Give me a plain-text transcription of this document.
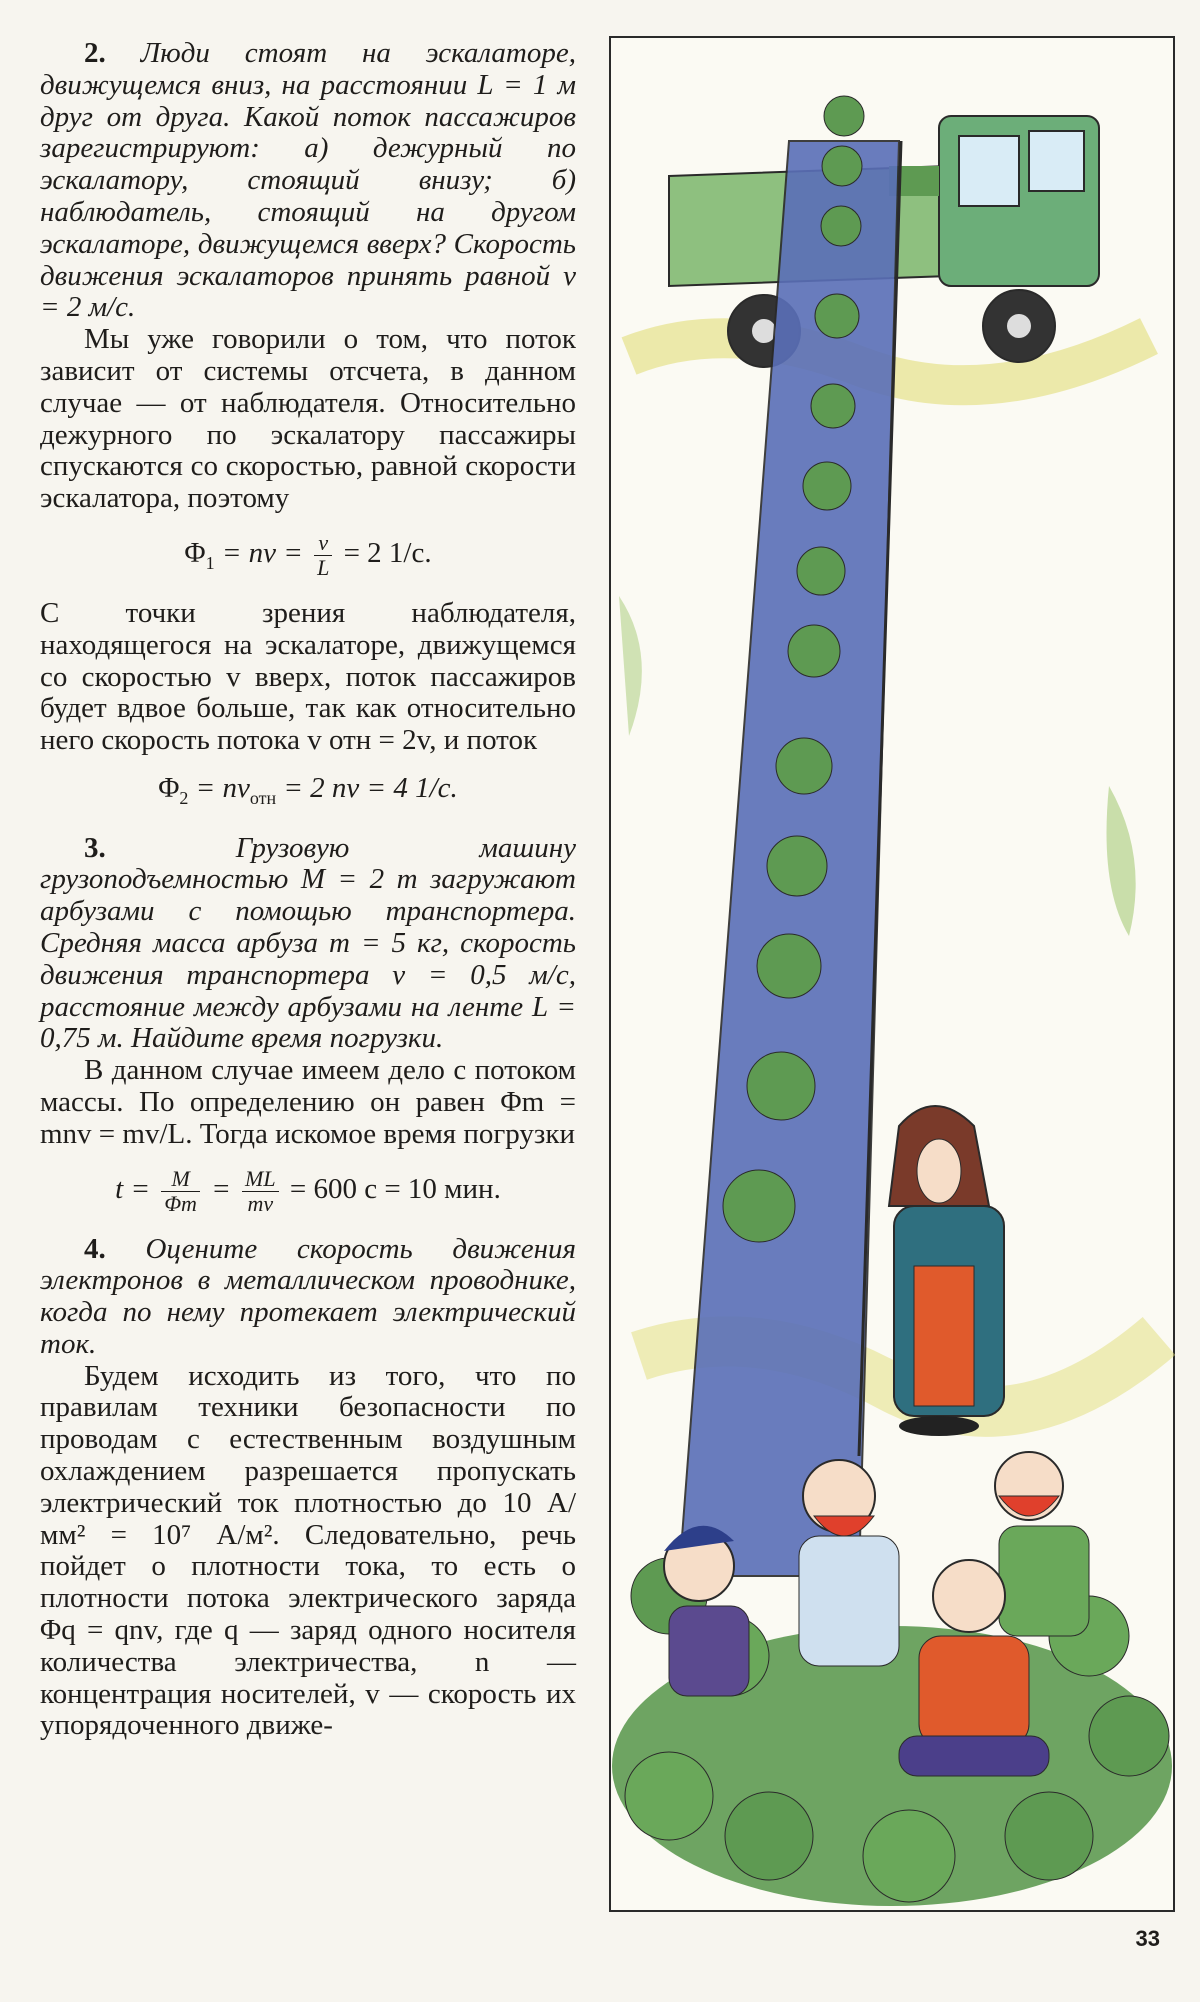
2. Люди стоят на эскалаторе, движущемся вниз, на расстоянии L = 1 м друг от друга. Какой поток пассажиров зарегистрируют: а) дежурный по эскалатору, стоящий внизу; б) наблюдатель, стоящий на другом эскалаторе, движущемся вверх? Скорость движения эскалаторов принять равной v = 2 м/с.

Мы уже говорили о том, что поток зависит от системы отсчета, в данном случае — от наблюдателя. Относительно дежурного по эскалатору пассажиры спускаются со скоростью, равной скорости эскалатора, поэтому

$\Phi_1$ = nv = $\frac{v}{L} = 2$ 1/с.

С точки зрения наблюдателя, находящегося на эскалаторе, движущемся со скоростью v вверх, поток пассажиров будет вдвое больше, так как относительно него скорость потока v отн = 2v, и поток

$\Phi_2 = nv_{отн} = 2$ nv = 4 1/с.

3.	Грузовую машину грузоподъемностью M = 2 т загружают арбузами с помощью транспортера. Средняя масса арбуза m = 5 кг, скорость движения транспортера v = 0,5 м/с, расстояние между арбузами на ленте L = 0,75 м. Найдите время погрузки.

В данном случае имеем дело с потоком массы. По определению он равен Φm = mnv = mv/L. Тогда искомое время погрузки

$t = \frac{M}{\Phi m} = \frac{ML}{mv} = 600$ с = 10 мин.

4. Оцените скорость движения электронов в металлическом проводнике, когда по нему протекает электрический ток.

Будем исходить из того, что по правилам техники безопасности по проводам с естественным воздушным охлаждением разрешается пропускать электрический ток плотностью до 10 А/мм² = 10⁷ А/м². Следовательно, речь пойдет о плотности тока, то есть о плотности потока электрического заряда Φq = qnv, где q — заряд одного носителя количества электричества, n — концентрация носителей, v — скорость их упорядоченного движе-

33
